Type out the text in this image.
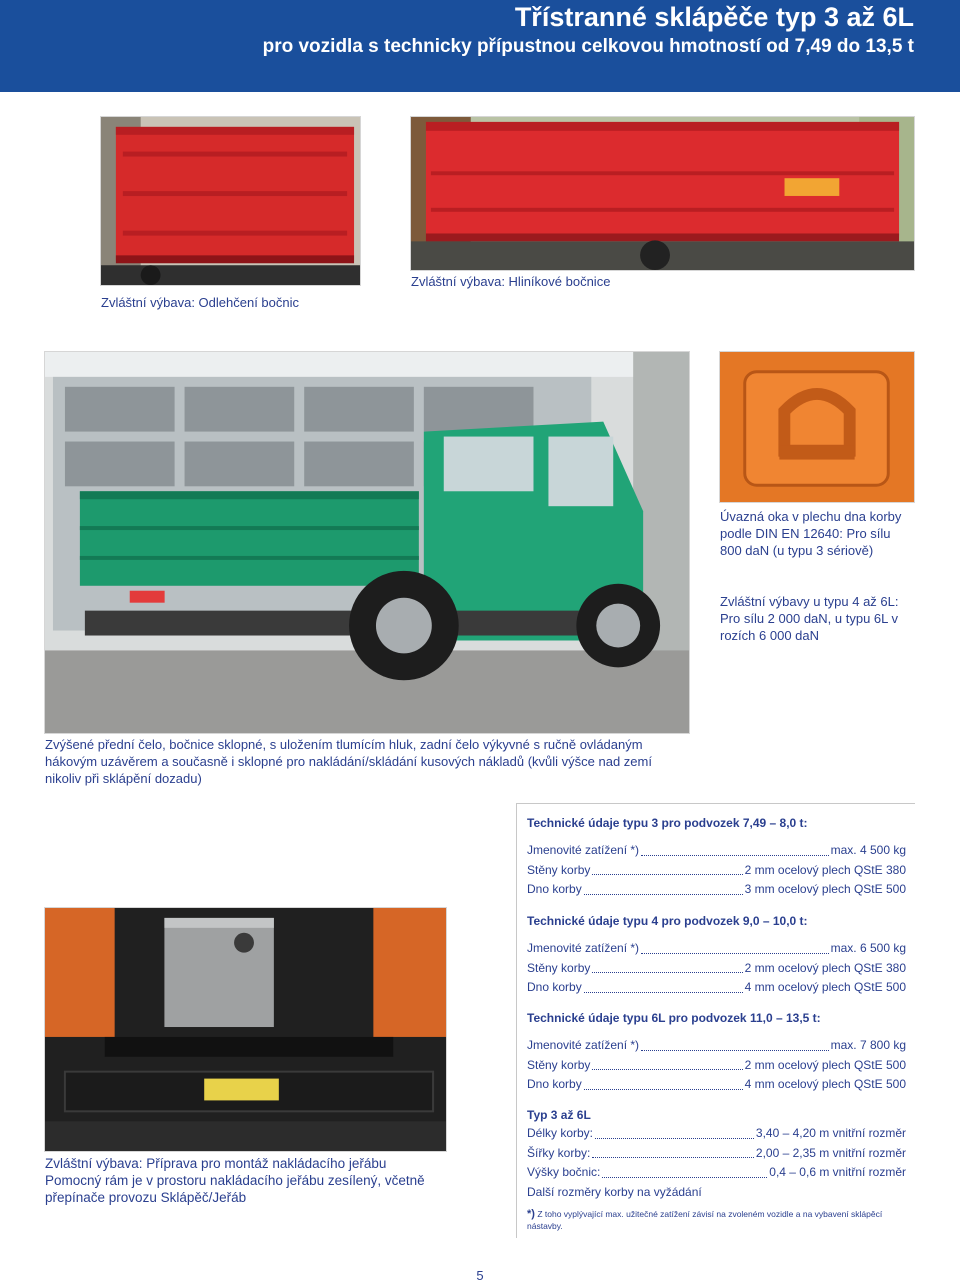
Třístranné sklápěče typ 3 až 6L
pro vozidla s technicky přípustnou celkovou hmotností od 7,49 do 13,5 t
Zvláštní výbava: Odlehčení bočnic
Zvláštní výbava: Hliníkové bočnice
Zvýšené přední čelo, bočnice sklopné, s uložením tlumícím hluk, zadní čelo výkyvné s ručně ovládaným hákovým uzávěrem a současně i sklopné pro nakládání/skládání kusových nákladů (kvůli výšce nad zemí nikoliv při sklápění dozadu)
Úvazná oka v plechu dna korby podle DIN EN 12640: Pro sílu 800 daN (u typu 3 sériově)
Zvláštní výbavy u typu 4 až 6L: Pro sílu 2 000 daN, u typu 6L v rozích 6 000 daN
Zvláštní výbava: Příprava pro montáž nakládacího jeřábu Pomocný rám je v prostoru nakládacího jeřábu zesílený, včetně přepínače provozu Sklápěč/Jeřáb
Technické údaje typu 3 pro podvozek 7,49 – 8,0 t:
Jmenovité zatížení *)	max. 4 500 kg
Stěny korby	2 mm ocelový plech QStE 380
Dno korby	3 mm ocelový plech QStE 500
Technické údaje typu 4 pro podvozek 9,0 – 10,0 t:
Jmenovité zatížení *)	max. 6 500 kg
Stěny korby	2 mm ocelový plech QStE 380
Dno korby	4 mm ocelový plech QStE 500
Technické údaje typu 6L pro podvozek 11,0 – 13,5 t:
Jmenovité zatížení *)	max. 7 800 kg
Stěny korby	2 mm ocelový plech QStE 500
Dno korby	4 mm ocelový plech QStE 500
Typ 3 až 6L
Délky korby:	3,40 – 4,20 m vnitřní rozměr
Šířky korby:	2,00 – 2,35 m vnitřní rozměr
Výšky bočnic:	0,4 – 0,6 m vnitřní rozměr
Další rozměry korby na vyžádání
*) Z toho vyplývající max. užitečné zatížení závisí na zvoleném vozidle a na vybavení sklápěcí nástavby.
5
